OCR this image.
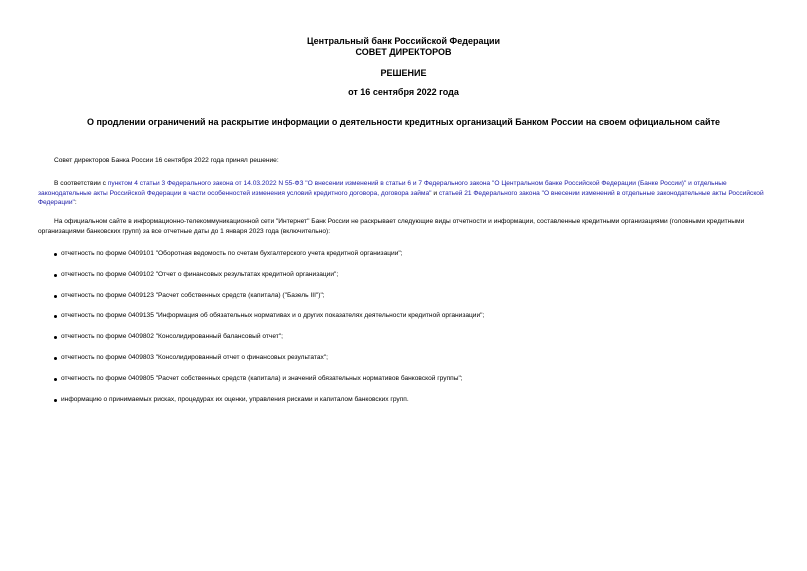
Центральный банк Российской Федерации
СОВЕТ ДИРЕКТОРОВ
РЕШЕНИЕ
от 16 сентября 2022 года
О продлении ограничений на раскрытие информации о деятельности кредитных организаций Банком России на своем официальном сайте

Совет директоров Банка России 16 сентября 2022 года принял решение:

В соответствии с пунктом 4 статьи 3 Федерального закона от 14.03.2022 N 55-ФЗ "О внесении изменений в статьи 6 и 7 Федерального закона "О Центральном банке Российской Федерации (Банке России)" и отдельные законодательные акты Российской Федерации в части особенностей изменения условий кредитного договора, договора займа" и статьей 21 Федерального закона "О внесении изменений в отдельные законодательные акты Российской Федерации":

На официальном сайте в информационно-телекоммуникационной сети "Интернет" Банк России не раскрывает следующие виды отчетности и информации, составленные кредитными организациями (головными кредитными организациями банковских групп) за все отчетные даты до 1 января 2023 года (включительно):

отчетность по форме 0409101 "Оборотная ведомость по счетам бухгалтерского учета кредитной организации";
отчетность по форме 0409102 "Отчет о финансовых результатах кредитной организации";
отчетность по форме 0409123 "Расчет собственных средств (капитала) ("Базель III")";
отчетность по форме 0409135 "Информация об обязательных нормативах и о других показателях деятельности кредитной организации";
отчетность по форме 0409802 "Консолидированный балансовый отчет";
отчетность по форме 0409803 "Консолидированный отчет о финансовых результатах";
отчетность по форме 0409805 "Расчет собственных средств (капитала) и значений обязательных нормативов банковской группы";
информацию о принимаемых рисках, процедурах их оценки, управления рисками и капиталом банковских групп.
